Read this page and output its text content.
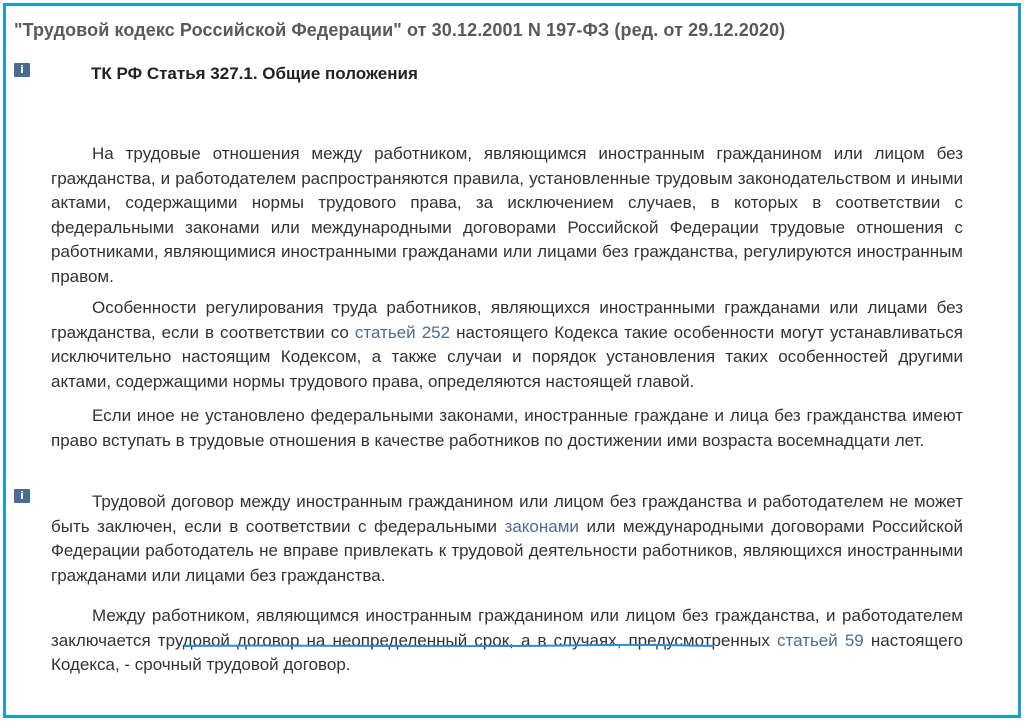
"Трудовой кодекс Российской Федерации" от 30.12.2001 N 197-ФЗ (ред. от 29.12.2020)
i	ТК РФ Статья 327.1. Общие положения

На трудовые отношения между работником, являющимся иностранным гражданином или лицом без гражданства, и работодателем распространяются правила, установленные трудовым законодательством и иными актами, содержащими нормы трудового права, за исключением случаев, в которых в соответствии с федеральными законами или международными договорами Российской Федерации трудовые отношения с работниками, являющимися иностранными гражданами или лицами без гражданства, регулируются иностранным правом.

Особенности регулирования труда работников, являющихся иностранными гражданами или лицами без гражданства, если в соответствии со статьей 252 настоящего Кодекса такие особенности могут устанавливаться исключительно настоящим Кодексом, а также случаи и порядок установления таких особенностей другими актами, содержащими нормы трудового права, определяются настоящей главой.

Если иное не установлено федеральными законами, иностранные граждане и лица без гражданства имеют право вступать в трудовые отношения в качестве работников по достижении ими возраста восемнадцати лет.

i	Трудовой договор между иностранным гражданином или лицом без гражданства и работодателем не может быть заключен, если в соответствии с федеральными законами или международными договорами Российской Федерации работодатель не вправе привлекать к трудовой деятельности работников, являющихся иностранными гражданами или лицами без гражданства.

Между работником, являющимся иностранным гражданином или лицом без гражданства, и работодателем заключается трудовой договор на неопределенный срок, а в случаях, предусмотренных статьей 59 настоящего Кодекса, - срочный трудовой договор.
